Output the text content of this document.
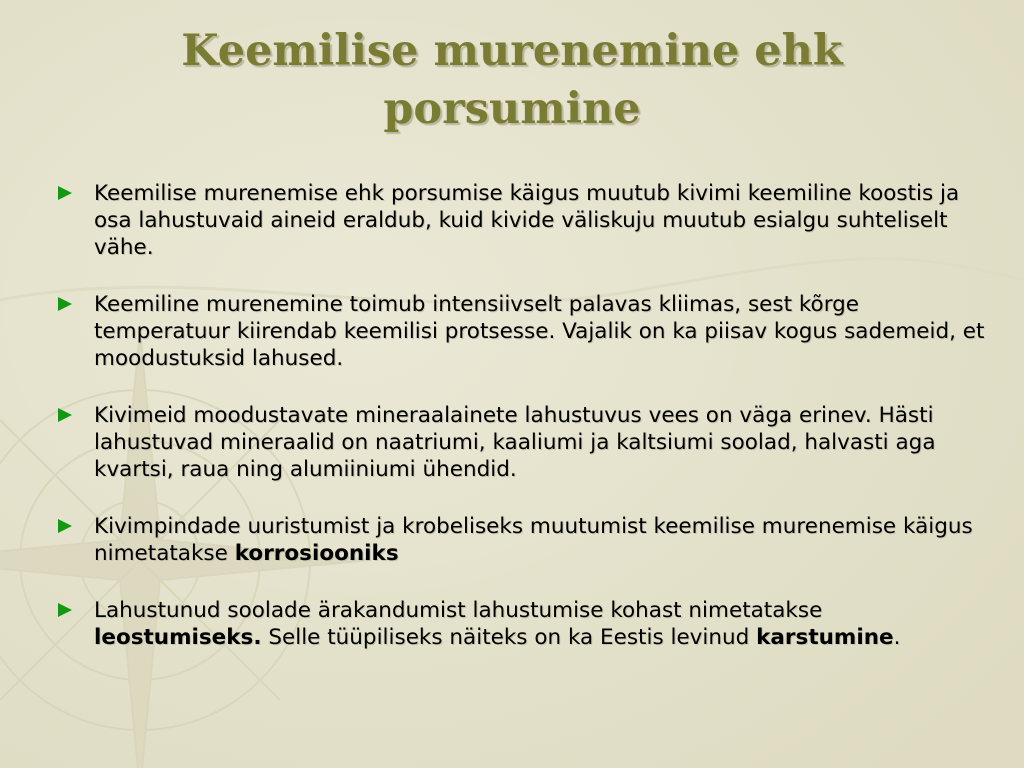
Keemilise murenemine ehk porsumine
Keemilise murenemise ehk porsumise käigus muutub kivimi keemiline koostis ja osa lahustuvaid aineid eraldub, kuid kivide väliskuju muutub esialgu suhteliselt vähe.
Keemiline murenemine toimub intensiivselt palavas kliimas, sest kõrge temperatuur kiirendab keemilisi protsesse. Vajalik on ka piisav kogus sademeid, et moodustuksid lahused.
Kivimeid moodustavate mineraalainete lahustuvus vees on väga erinev. Hästi lahustuvad mineraalid on naatriumi, kaaliumi ja kaltsiumi soolad, halvasti aga kvartsi, raua ning alumiiniumi ühendid.
Kivimpindade uuristumist ja krobeliseks muutumist keemilise murenemise käigus nimetatakse korrosiooniks
Lahustunud soolade ärakandumist lahustumise kohast nimetatakse leostumiseks. Selle tüüpiliseks näiteks on ka Eestis levinud karstumine.
